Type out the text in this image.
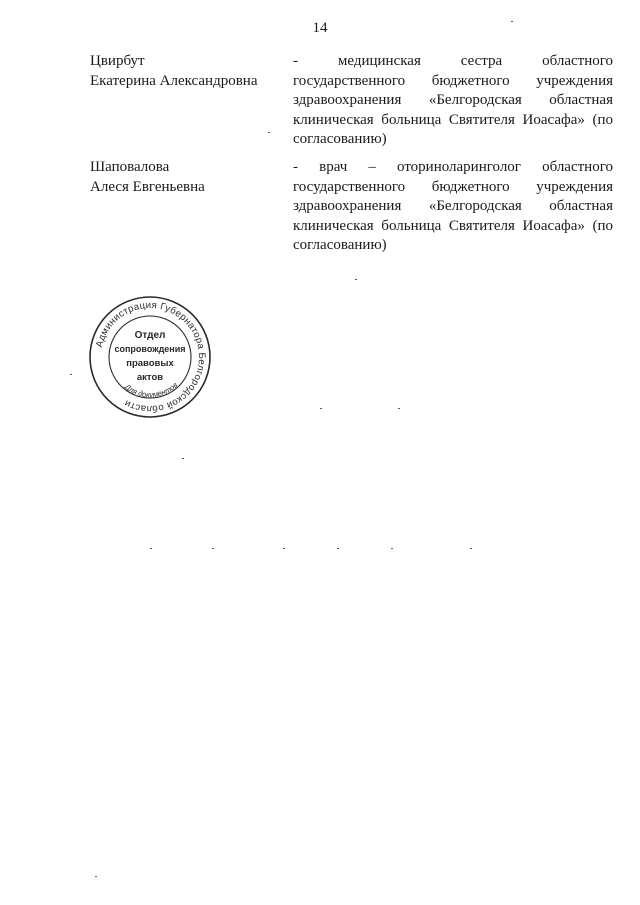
14
Цвирбут
Екатерина Александровна
- медицинская сестра областного государственного бюджетного учреждения здравоохранения «Белгородская областная клиническая больница Святителя Иоасафа» (по согласованию)
Шаповалова
Алеся Евгеньевна
- врач – оториноларинголог областного государственного бюджетного учреждения здравоохранения «Белгородская областная клиническая больница Святителя Иоасафа» (по согласованию)
Администрация Губернатора Белгородской области
Для документов
Отдел
сопровождения
правовых
актов
